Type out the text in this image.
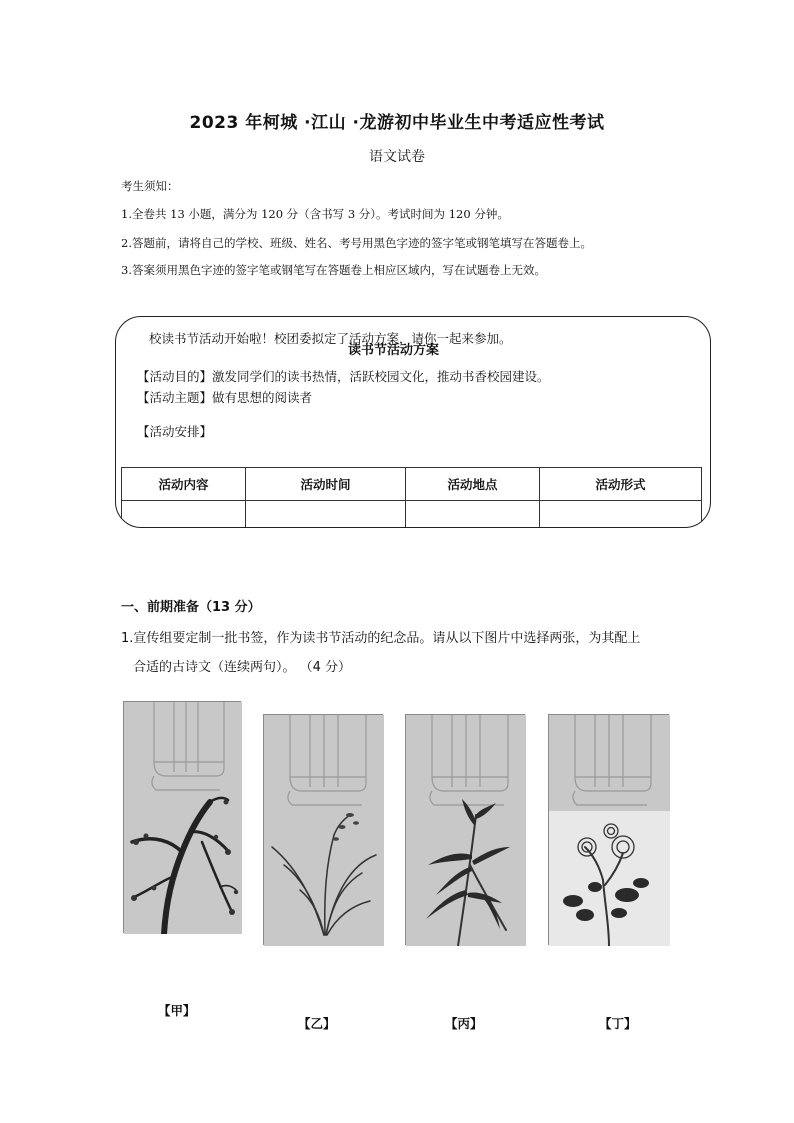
2023 年柯城 ·江山 ·龙游初中毕业生中考适应性考试
语文试卷
考生须知：
1.全卷共 13 小题，满分为 120 分（含书写 3 分）。考试时间为 120 分钟。
2.答题前，请将自己的学校、班级、姓名、考号用黑色字迹的签字笔或钢笔填写在答题卷上。
3.答案须用黑色字迹的签字笔或钢笔写在答题卷上相应区域内，写在试题卷上无效。
校读书节活动开始啦！校团委拟定了活动方案，请你一起来参加。
读书节活动方案
【活动目的】激发同学们的读书热情，活跃校园文化，推动书香校园建设。
【活动主题】做有思想的阅读者
【活动安排】
活动内容	活动时间	活动地点	活动形式

一、前期准备（13 分）
1.宣传组要定制一批书签，作为读书节活动的纪念品。请从以下图片中选择两张，为其配上
合适的古诗文（连续两句）。 （4 分）
【甲】
【乙】	【丙】	【丁】
